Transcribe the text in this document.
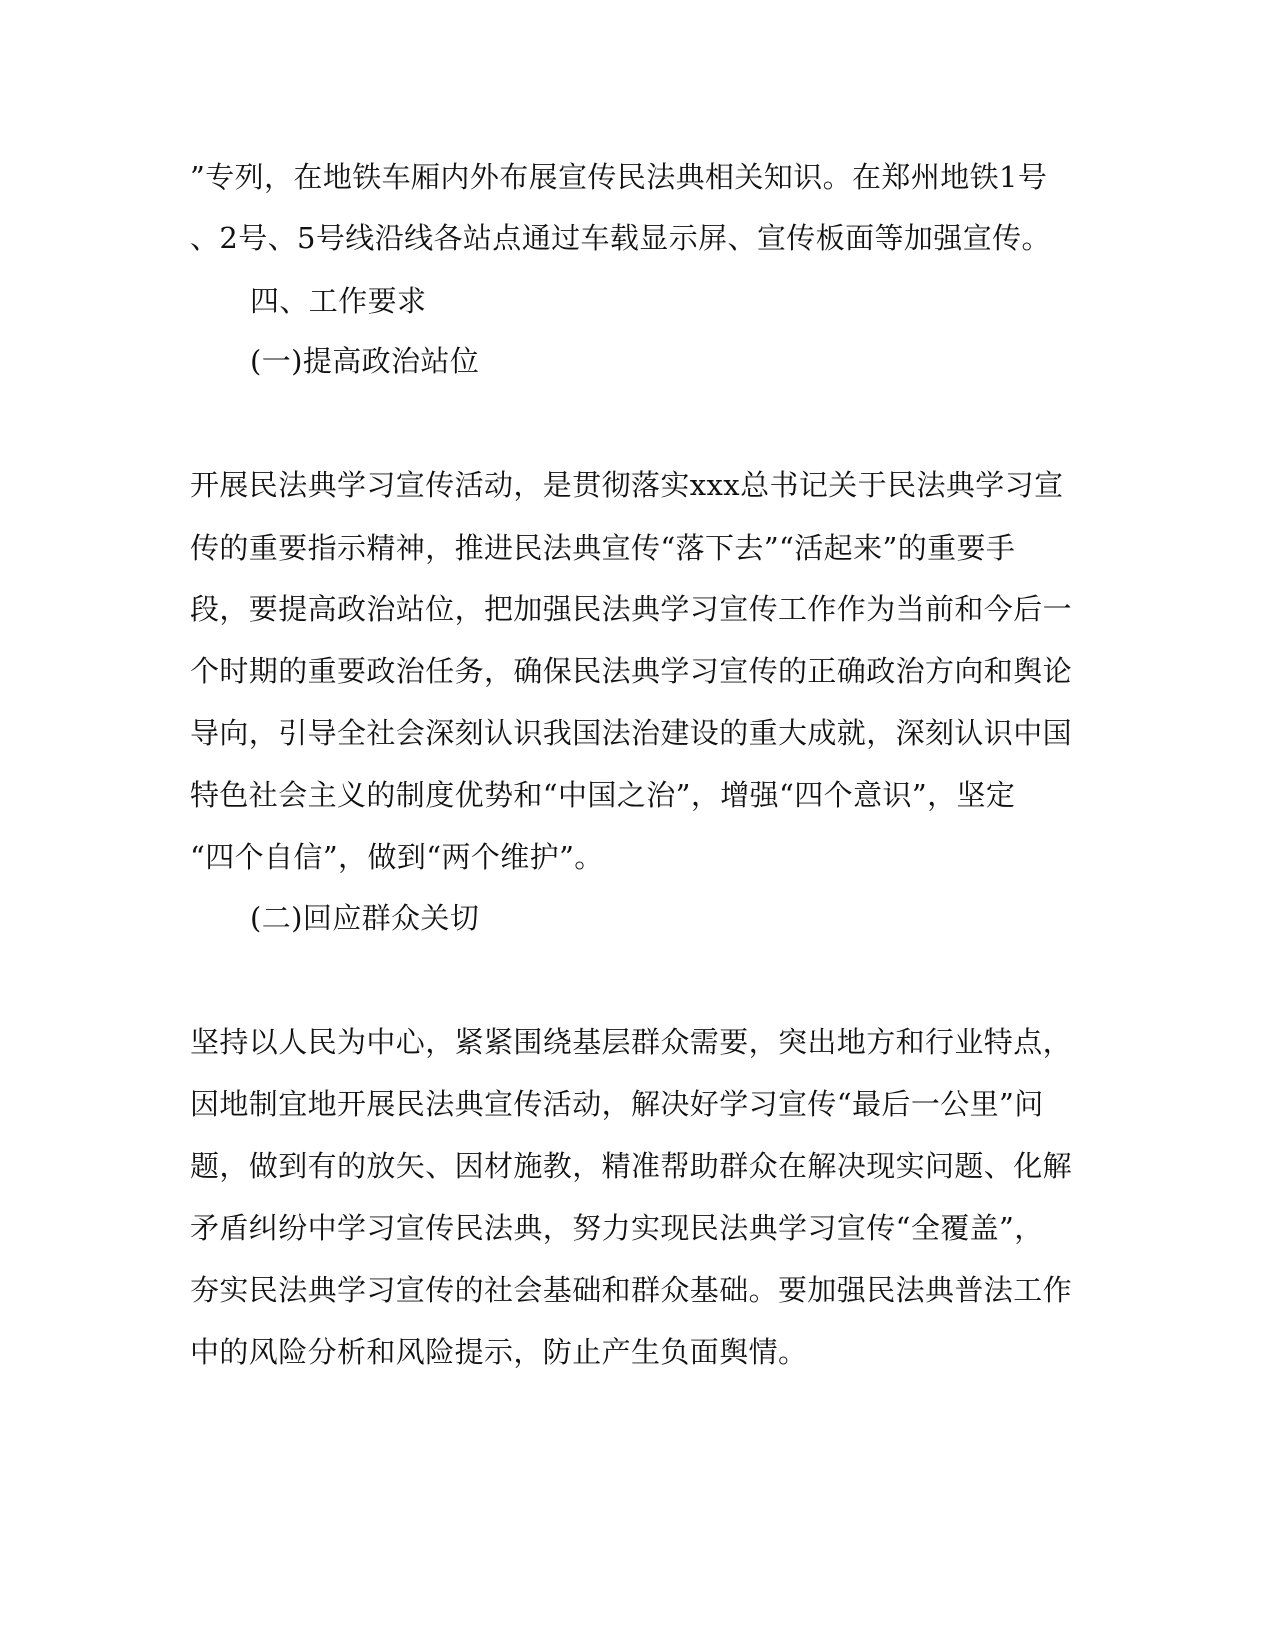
”专列，在地铁车厢内外布展宣传民法典相关知识。在郑州地铁1号
、2号、5号线沿线各站点通过车载显示屏、宣传板面等加强宣传。
四、工作要求
(一)提高政治站位
开展民法典学习宣传活动，是贯彻落实xxx总书记关于民法典学习宣
传的重要指示精神，推进民法典宣传“落下去”“活起来”的重要手
段，要提高政治站位，把加强民法典学习宣传工作作为当前和今后一
个时期的重要政治任务，确保民法典学习宣传的正确政治方向和舆论
导向，引导全社会深刻认识我国法治建设的重大成就，深刻认识中国
特色社会主义的制度优势和“中国之治”，增强“四个意识”，坚定
“四个自信”，做到“两个维护”。
(二)回应群众关切
坚持以人民为中心，紧紧围绕基层群众需要，突出地方和行业特点，
因地制宜地开展民法典宣传活动，解决好学习宣传“最后一公里”问
题，做到有的放矢、因材施教，精准帮助群众在解决现实问题、化解
矛盾纠纷中学习宣传民法典，努力实现民法典学习宣传“全覆盖”，
夯实民法典学习宣传的社会基础和群众基础。要加强民法典普法工作
中的风险分析和风险提示，防止产生负面舆情。
